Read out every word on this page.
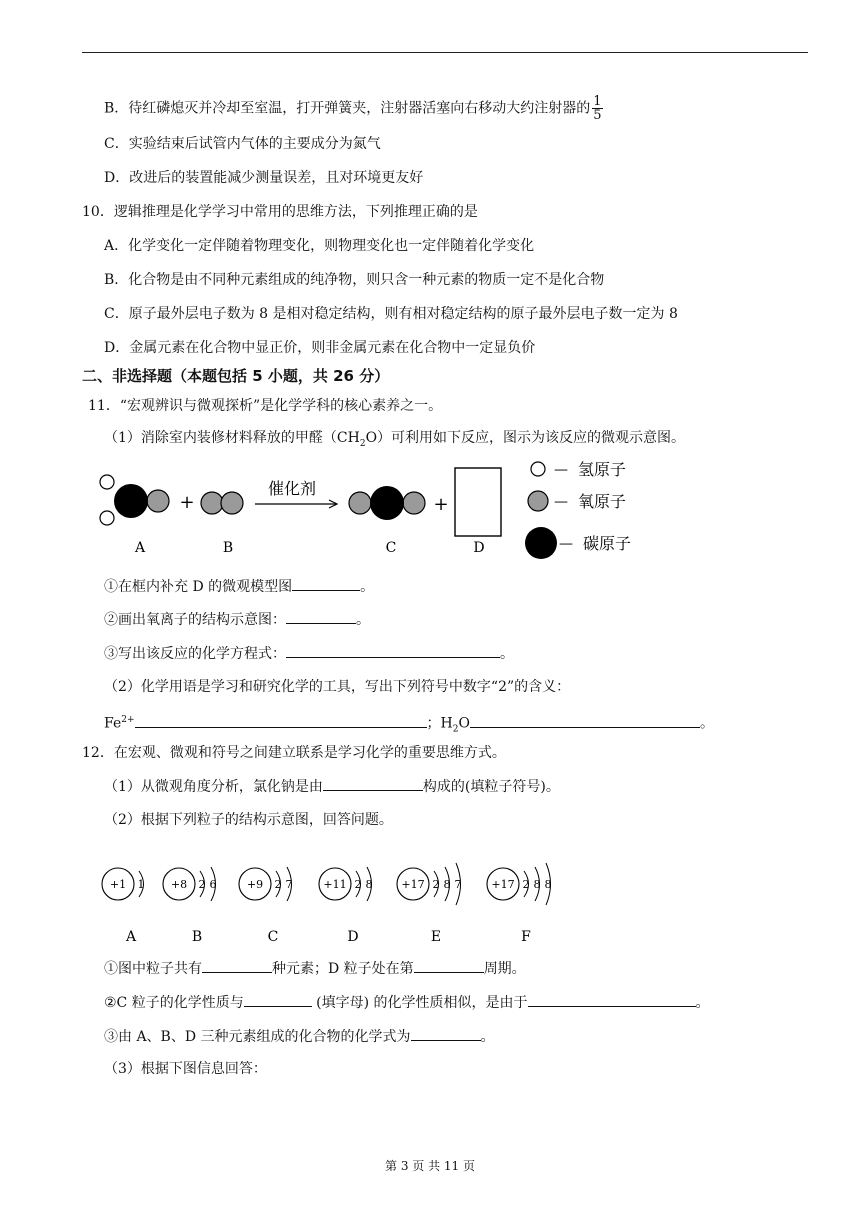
B．待红磷熄灭并冷却至室温，打开弹簧夹，注射器活塞向右移动大约注射器的 $\frac{1}{5}$
C．实验结束后试管内气体的主要成分为氮气
D．改进后的装置能减少测量误差，且对环境更友好
10．逻辑推理是化学学习中常用的思维方法，下列推理正确的是
A．化学变化一定伴随着物理变化，则物理变化也一定伴随着化学变化
B．化合物是由不同种元素组成的纯净物，则只含一种元素的物质一定不是化合物
C．原子最外层电子数为 8 是相对稳定结构，则有相对稳定结构的原子最外层电子数一定为 8
D．金属元素在化合物中显正价，则非金属元素在化合物中一定显负价
二、非选择题（本题包括 5 小题，共 26 分）
11．“宏观辨识与微观探析”是化学学科的核心素养之一。
（1）消除室内装修材料释放的甲醛$(CH_2O)$可利用如下反应，图示为该反应的微观示意图。
+
催化剂
+
A	B	C	D
— 氢原子
— 氧原子
— 碳原子
①在框内补充 D 的微观模型图	。
②画出氧离子的结构示意图：	。
③写出该反应的化学方程式：	。
（2）化学用语是学习和研究化学的工具，写出下列符号中数字“2”的含义：
$Fe^{2+}$	；$H_2O$	。
12．在宏观、微观和符号之间建立联系是学习化学的重要思维方式。
（1）从微观角度分析，氯化钠是由	构成的(填粒子符号)。
（2）根据下列粒子的结构示意图，回答问题。
+1 1
A
+8 2 6
B
+9 2 7
C
+11 2 8
D
+17 2 8 7
E
+17 2 8 8
F
①图中粒子共有	种元素；D 粒子处在第	周期。
②C 粒子的化学性质与	(填字母) 的化学性质相似，是由于	。
③由 A、B、D 三种元素组成的化合物的化学式为	。
（3）根据下图信息回答：
第 3 页 共 11 页
